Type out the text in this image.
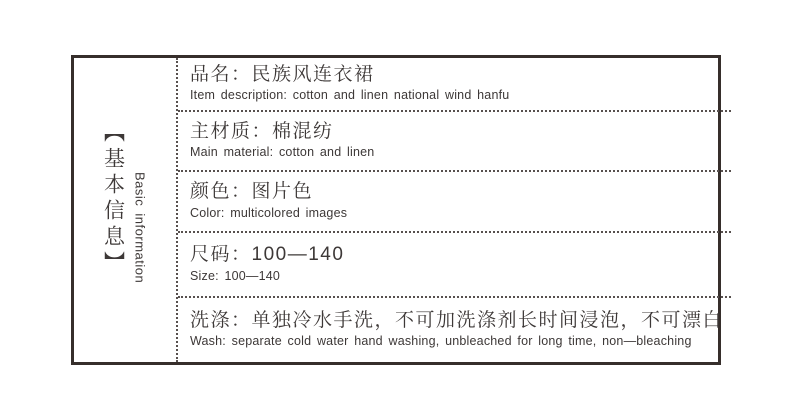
【基本信息】 Basic information
品名：民族风连衣裙
Item description: cotton and linen national wind hanfu
主材质：棉混纺
Main material: cotton and linen
颜色：图片色
Color: multicolored images
尺码：100—140
Size: 100—140
洗涤：单独冷水手洗，不可加洗涤剂长时间浸泡，不可漂白
Wash: separate cold water hand washing, unbleached for long time, non—bleaching
